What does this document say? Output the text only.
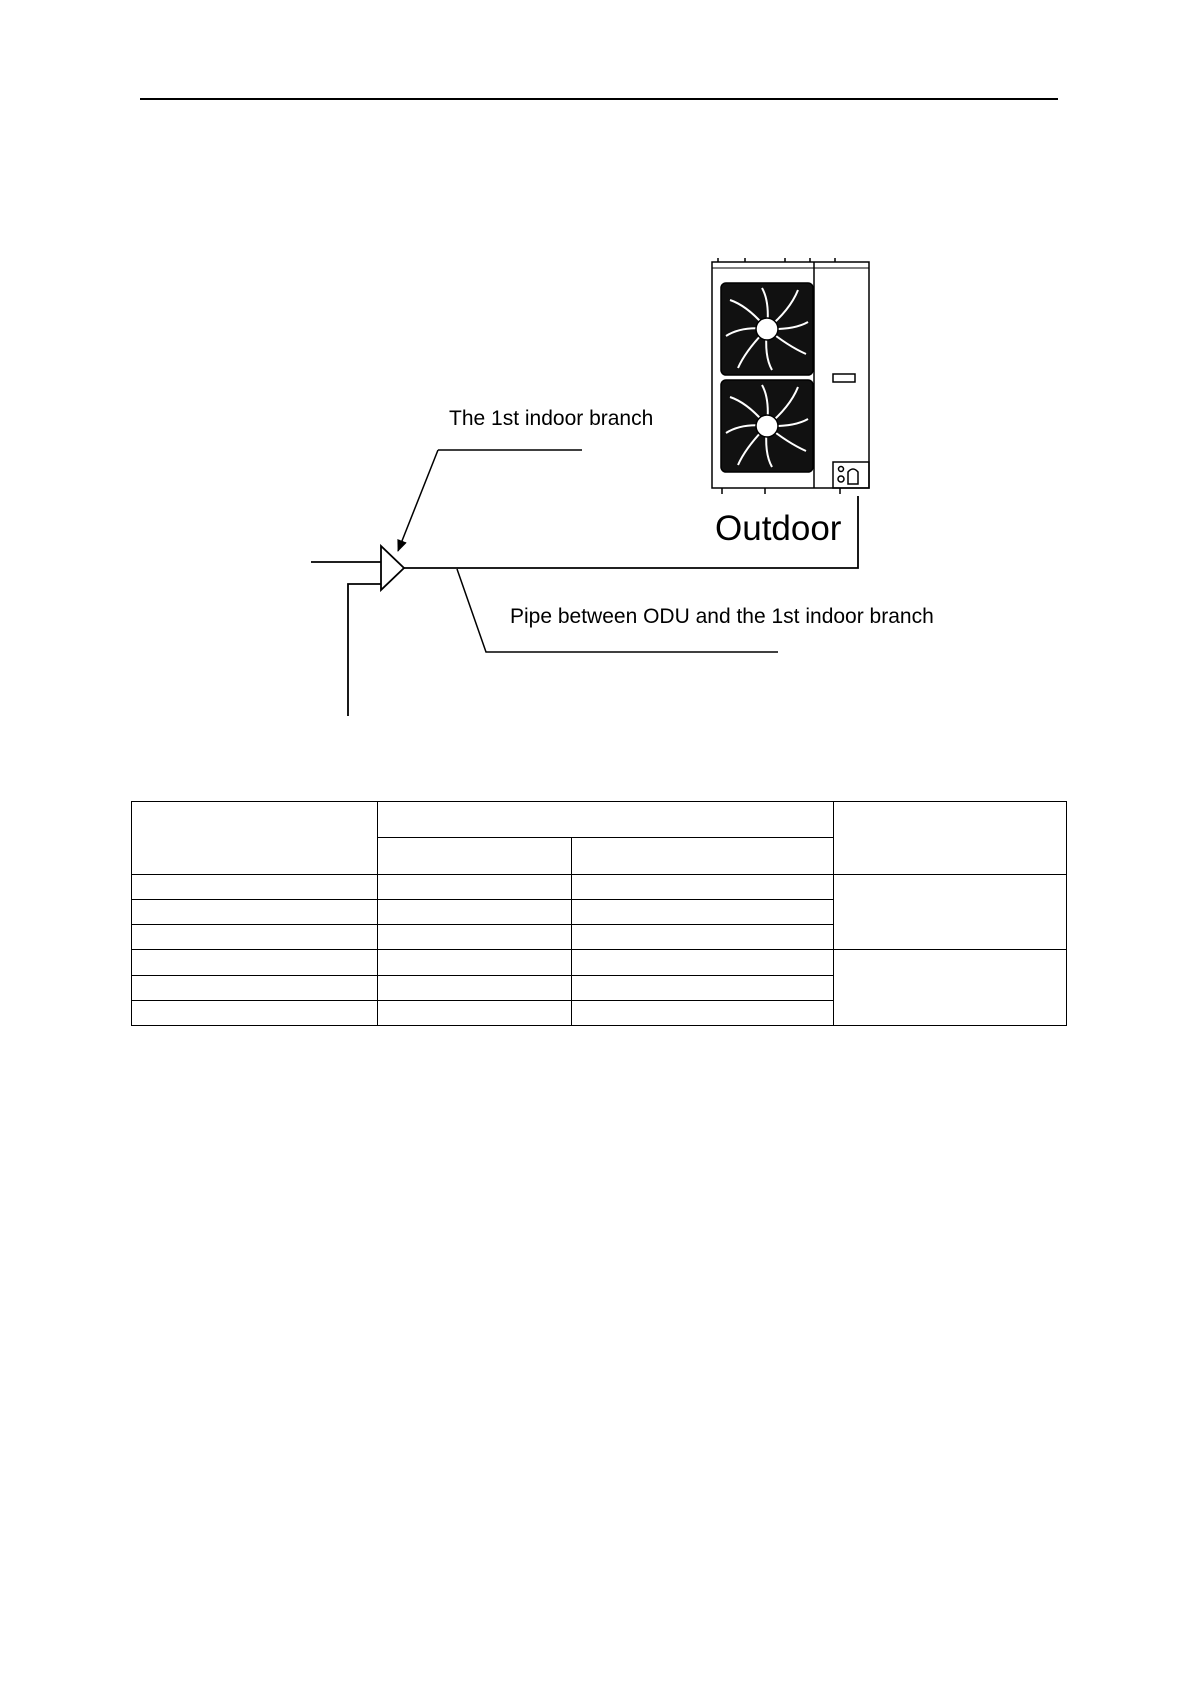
Outdoor
The 1st indoor branch
Pipe between ODU and the 1st indoor branch
